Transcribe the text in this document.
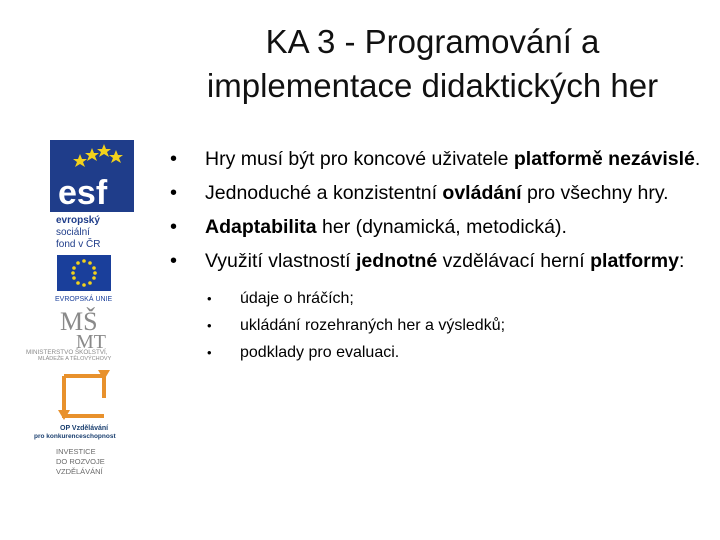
KA 3 - Programování a
implementace didaktických her
• Hry musí být pro koncové uživatele platformě nezávislé.
• Jednoduché a konzistentní ovládání pro všechny hry.
• Adaptabilita her (dynamická, metodická).
• Využití vlastností jednotné vzdělávací herní platformy:
• údaje o hráčích;
• ukládání rozehraných her a výsledků;
• podklady pro evaluaci.
esf
evropský
sociální
fond v ČR
EVROPSKÁ UNIE
MŠ
MT
MINISTERSTVO ŠKOLSTVÍ,
MLÁDEŽE A TĚLOVÝCHOVY
OP Vzdělávání
pro konkurenceschopnost
INVESTICE
DO ROZVOJE
VZDĚLÁVÁNÍ
